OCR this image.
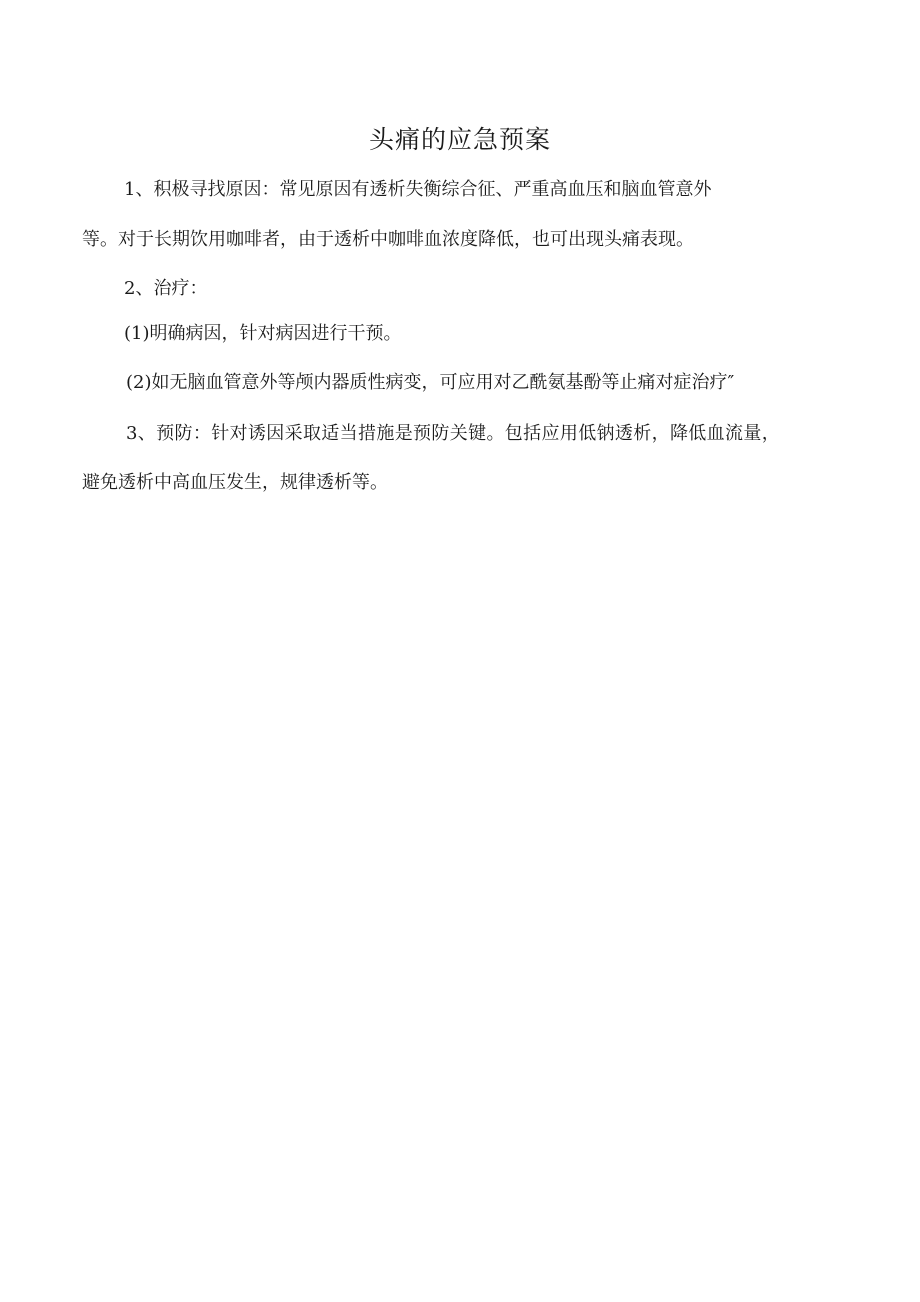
头痛的应急预案
1、积极寻找原因：常见原因有透析失衡综合征、严重高血压和脑血管意外
等。对于长期饮用咖啡者，由于透析中咖啡血浓度降低，也可出现头痛表现。
2、治疗：
(1)明确病因，针对病因进行干预。
(2)如无脑血管意外等颅内器质性病变，可应用对乙酰氨基酚等止痛对症治疗″
3、预防：针对诱因采取适当措施是预防关键。包括应用低钠透析，降低血流量，
避免透析中高血压发生，规律透析等。
